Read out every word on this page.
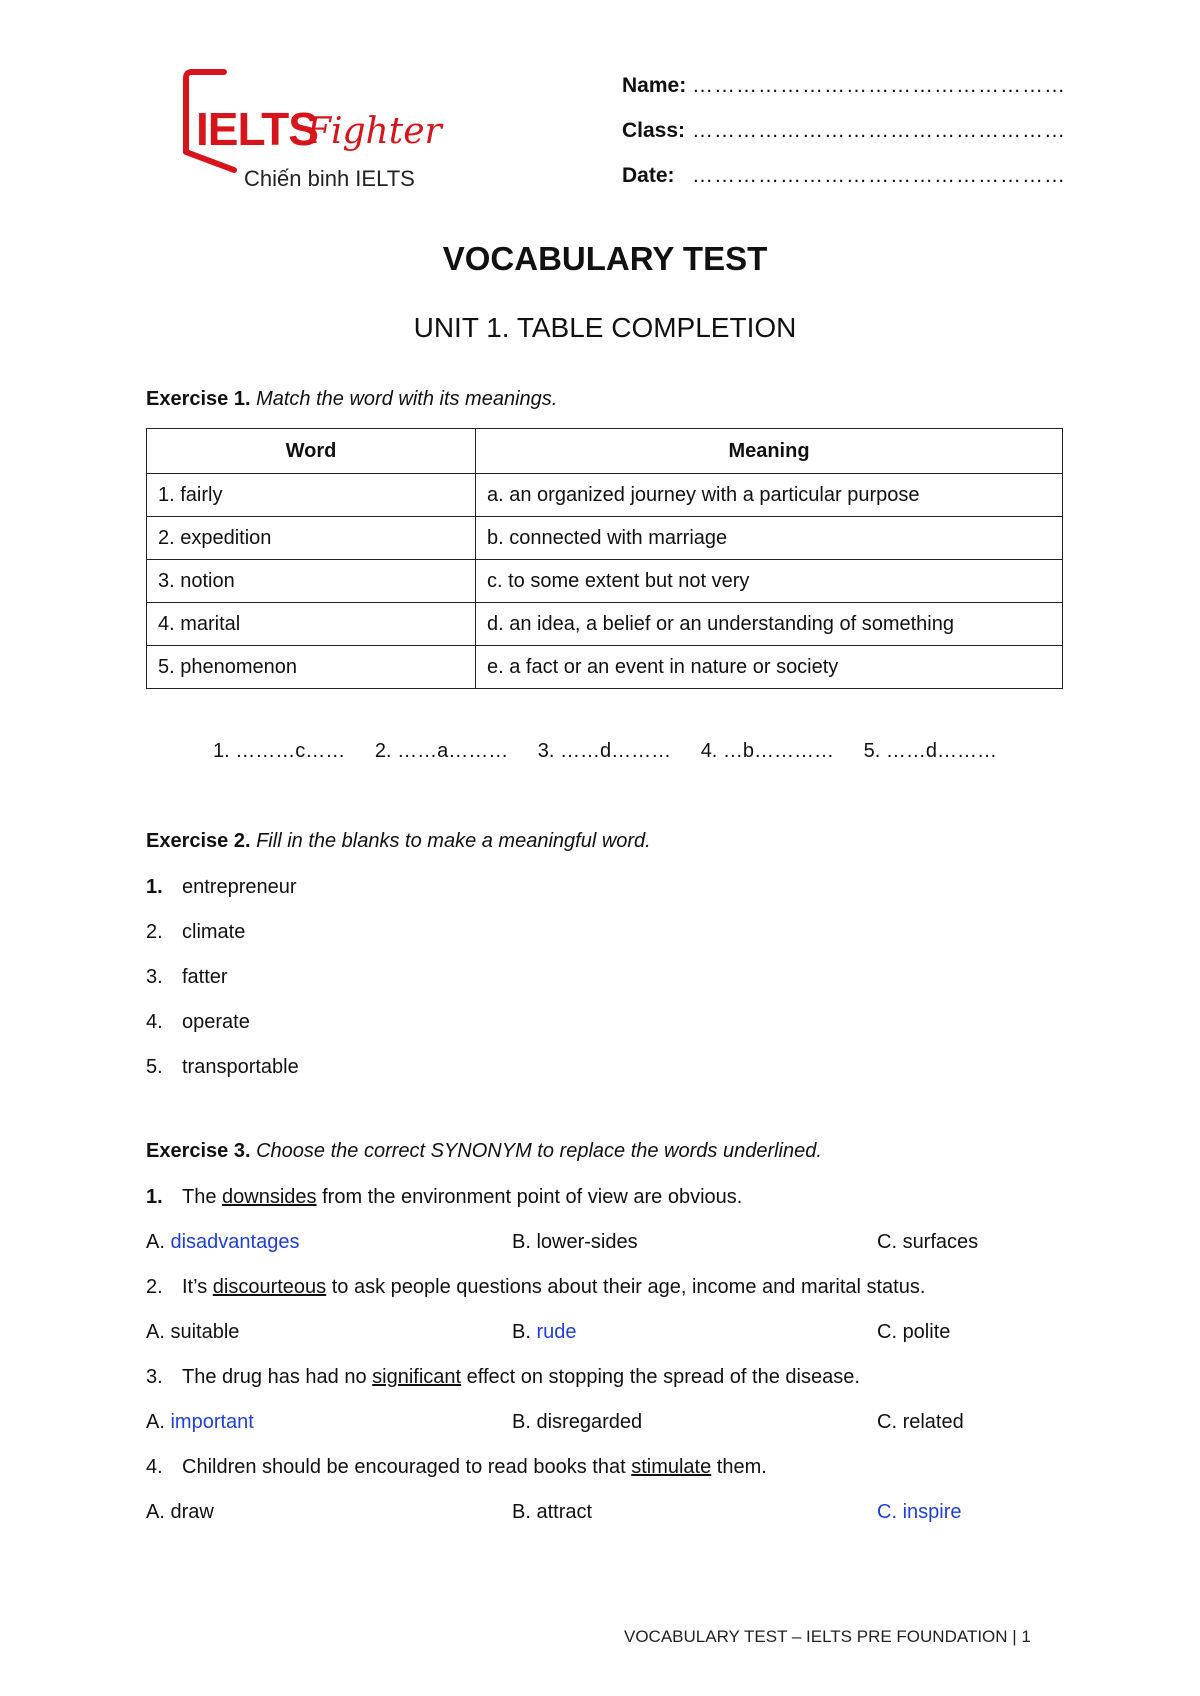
IELTS
Fighter
Chiến binh IELTS
Name: ……………………………………………
Class: ……………………………………………
Date: ……………………………………………
VOCABULARY TEST
UNIT 1. TABLE COMPLETION
Exercise 1. Match the word with its meanings.
Word	Meaning
1. fairly	a. an organized journey with a particular purpose
2. expedition	b. connected with marriage
3. notion	c. to some extent but not very
4. marital	d. an idea, a belief or an understanding of something
5. phenomenon	e. a fact or an event in nature or society
1. ………c…… 2. ……a……… 3. ……d……… 4. …b………… 5. ……d………
Exercise 2. Fill in the blanks to make a meaningful word.
1. entrepreneur
2. climate
3. fatter
4. operate
5. transportable
Exercise 3. Choose the correct SYNONYM to replace the words underlined.
1. The downsides from the environment point of view are obvious.
A. disadvantages	B. lower-sides	C. surfaces
2. It’s discourteous to ask people questions about their age, income and marital status.
A. suitable	B. rude	C. polite
3. The drug has had no significant effect on stopping the spread of the disease.
A. important	B. disregarded	C. related
4. Children should be encouraged to read books that stimulate them.
A. draw	B. attract	C. inspire
VOCABULARY TEST – IELTS PRE FOUNDATION | 1
